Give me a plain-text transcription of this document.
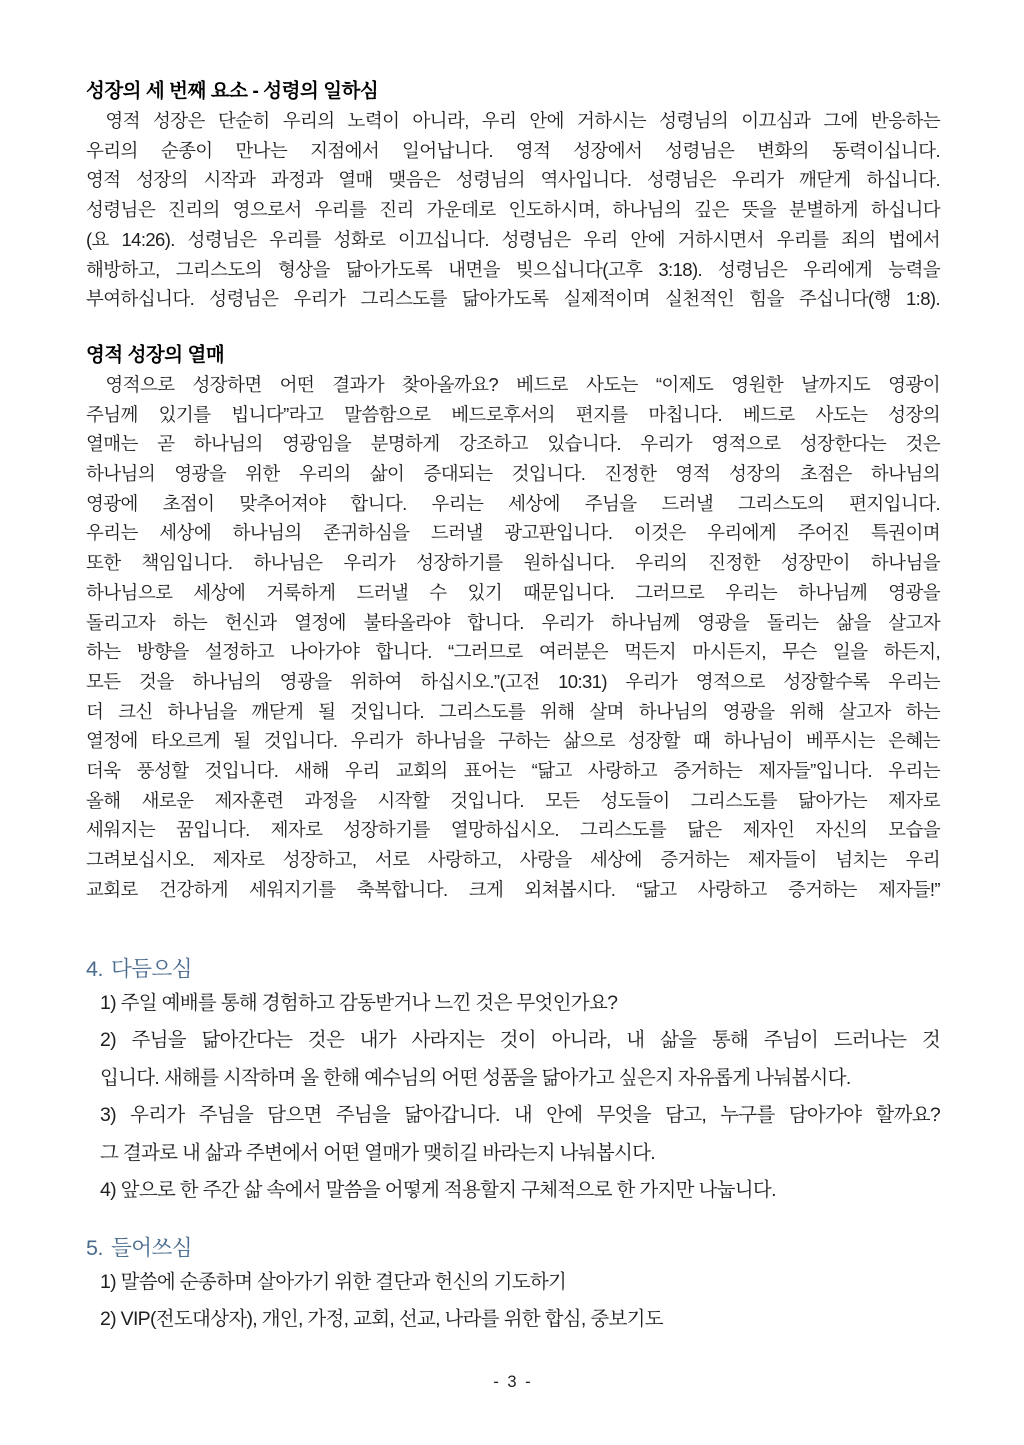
성장의 세 번째 요소 - 성령의 일하심
영적 성장은 단순히 우리의 노력이 아니라, 우리 안에 거하시는 성령님의 이끄심과 그에 반응하는
우리의 순종이 만나는 지점에서 일어납니다. 영적 성장에서 성령님은 변화의 동력이십니다.
영적 성장의 시작과 과정과 열매 맺음은 성령님의 역사입니다. 성령님은 우리가 깨닫게 하십니다.
성령님은 진리의 영으로서 우리를 진리 가운데로 인도하시며, 하나님의 깊은 뜻을 분별하게 하십니다
(요 14:26). 성령님은 우리를 성화로 이끄십니다. 성령님은 우리 안에 거하시면서 우리를 죄의 법에서
해방하고, 그리스도의 형상을 닮아가도록 내면을 빚으십니다(고후 3:18). 성령님은 우리에게 능력을
부여하십니다. 성령님은 우리가 그리스도를 닮아가도록 실제적이며 실천적인 힘을 주십니다(행 1:8).
영적 성장의 열매
영적으로 성장하면 어떤 결과가 찾아올까요? 베드로 사도는 “이제도 영원한 날까지도 영광이
주님께 있기를 빕니다”라고 말씀함으로 베드로후서의 편지를 마칩니다. 베드로 사도는 성장의
열매는 곧 하나님의 영광임을 분명하게 강조하고 있습니다. 우리가 영적으로 성장한다는 것은
하나님의 영광을 위한 우리의 삶이 증대되는 것입니다. 진정한 영적 성장의 초점은 하나님의
영광에 초점이 맞추어져야 합니다. 우리는 세상에 주님을 드러낼 그리스도의 편지입니다.
우리는 세상에 하나님의 존귀하심을 드러낼 광고판입니다. 이것은 우리에게 주어진 특권이며
또한 책임입니다. 하나님은 우리가 성장하기를 원하십니다. 우리의 진정한 성장만이 하나님을
하나님으로 세상에 거룩하게 드러낼 수 있기 때문입니다. 그러므로 우리는 하나님께 영광을
돌리고자 하는 헌신과 열정에 불타올라야 합니다. 우리가 하나님께 영광을 돌리는 삶을 살고자
하는 방향을 설정하고 나아가야 합니다. “그러므로 여러분은 먹든지 마시든지, 무슨 일을 하든지,
모든 것을 하나님의 영광을 위하여 하십시오.”(고전 10:31) 우리가 영적으로 성장할수록 우리는
더 크신 하나님을 깨닫게 될 것입니다. 그리스도를 위해 살며 하나님의 영광을 위해 살고자 하는
열정에 타오르게 될 것입니다. 우리가 하나님을 구하는 삶으로 성장할 때 하나님이 베푸시는 은혜는
더욱 풍성할 것입니다. 새해 우리 교회의 표어는 “닮고 사랑하고 증거하는 제자들”입니다. 우리는
올해 새로운 제자훈련 과정을 시작할 것입니다. 모든 성도들이 그리스도를 닮아가는 제자로
세워지는 꿈입니다. 제자로 성장하기를 열망하십시오. 그리스도를 닮은 제자인 자신의 모습을
그려보십시오. 제자로 성장하고, 서로 사랑하고, 사랑을 세상에 증거하는 제자들이 넘치는 우리
교회로 건강하게 세워지기를 축복합니다. 크게 외쳐봅시다. “닮고 사랑하고 증거하는 제자들!”
4. 다듬으심
1) 주일 예배를 통해 경험하고 감동받거나 느낀 것은 무엇인가요?
2) 주님을 닮아간다는 것은 내가 사라지는 것이 아니라, 내 삶을 통해 주님이 드러나는 것
입니다. 새해를 시작하며 올 한해 예수님의 어떤 성품을 닮아가고 싶은지 자유롭게 나눠봅시다.
3) 우리가 주님을 담으면 주님을 닮아갑니다. 내 안에 무엇을 담고, 누구를 담아가야 할까요?
그 결과로 내 삶과 주변에서 어떤 열매가 맺히길 바라는지 나눠봅시다.
4) 앞으로 한 주간 삶 속에서 말씀을 어떻게 적용할지 구체적으로 한 가지만 나눕니다.
5. 들어쓰심
1) 말씀에 순종하며 살아가기 위한 결단과 헌신의 기도하기
2) VIP(전도대상자), 개인, 가정, 교회, 선교, 나라를 위한 합심, 중보기도
- 3 -
